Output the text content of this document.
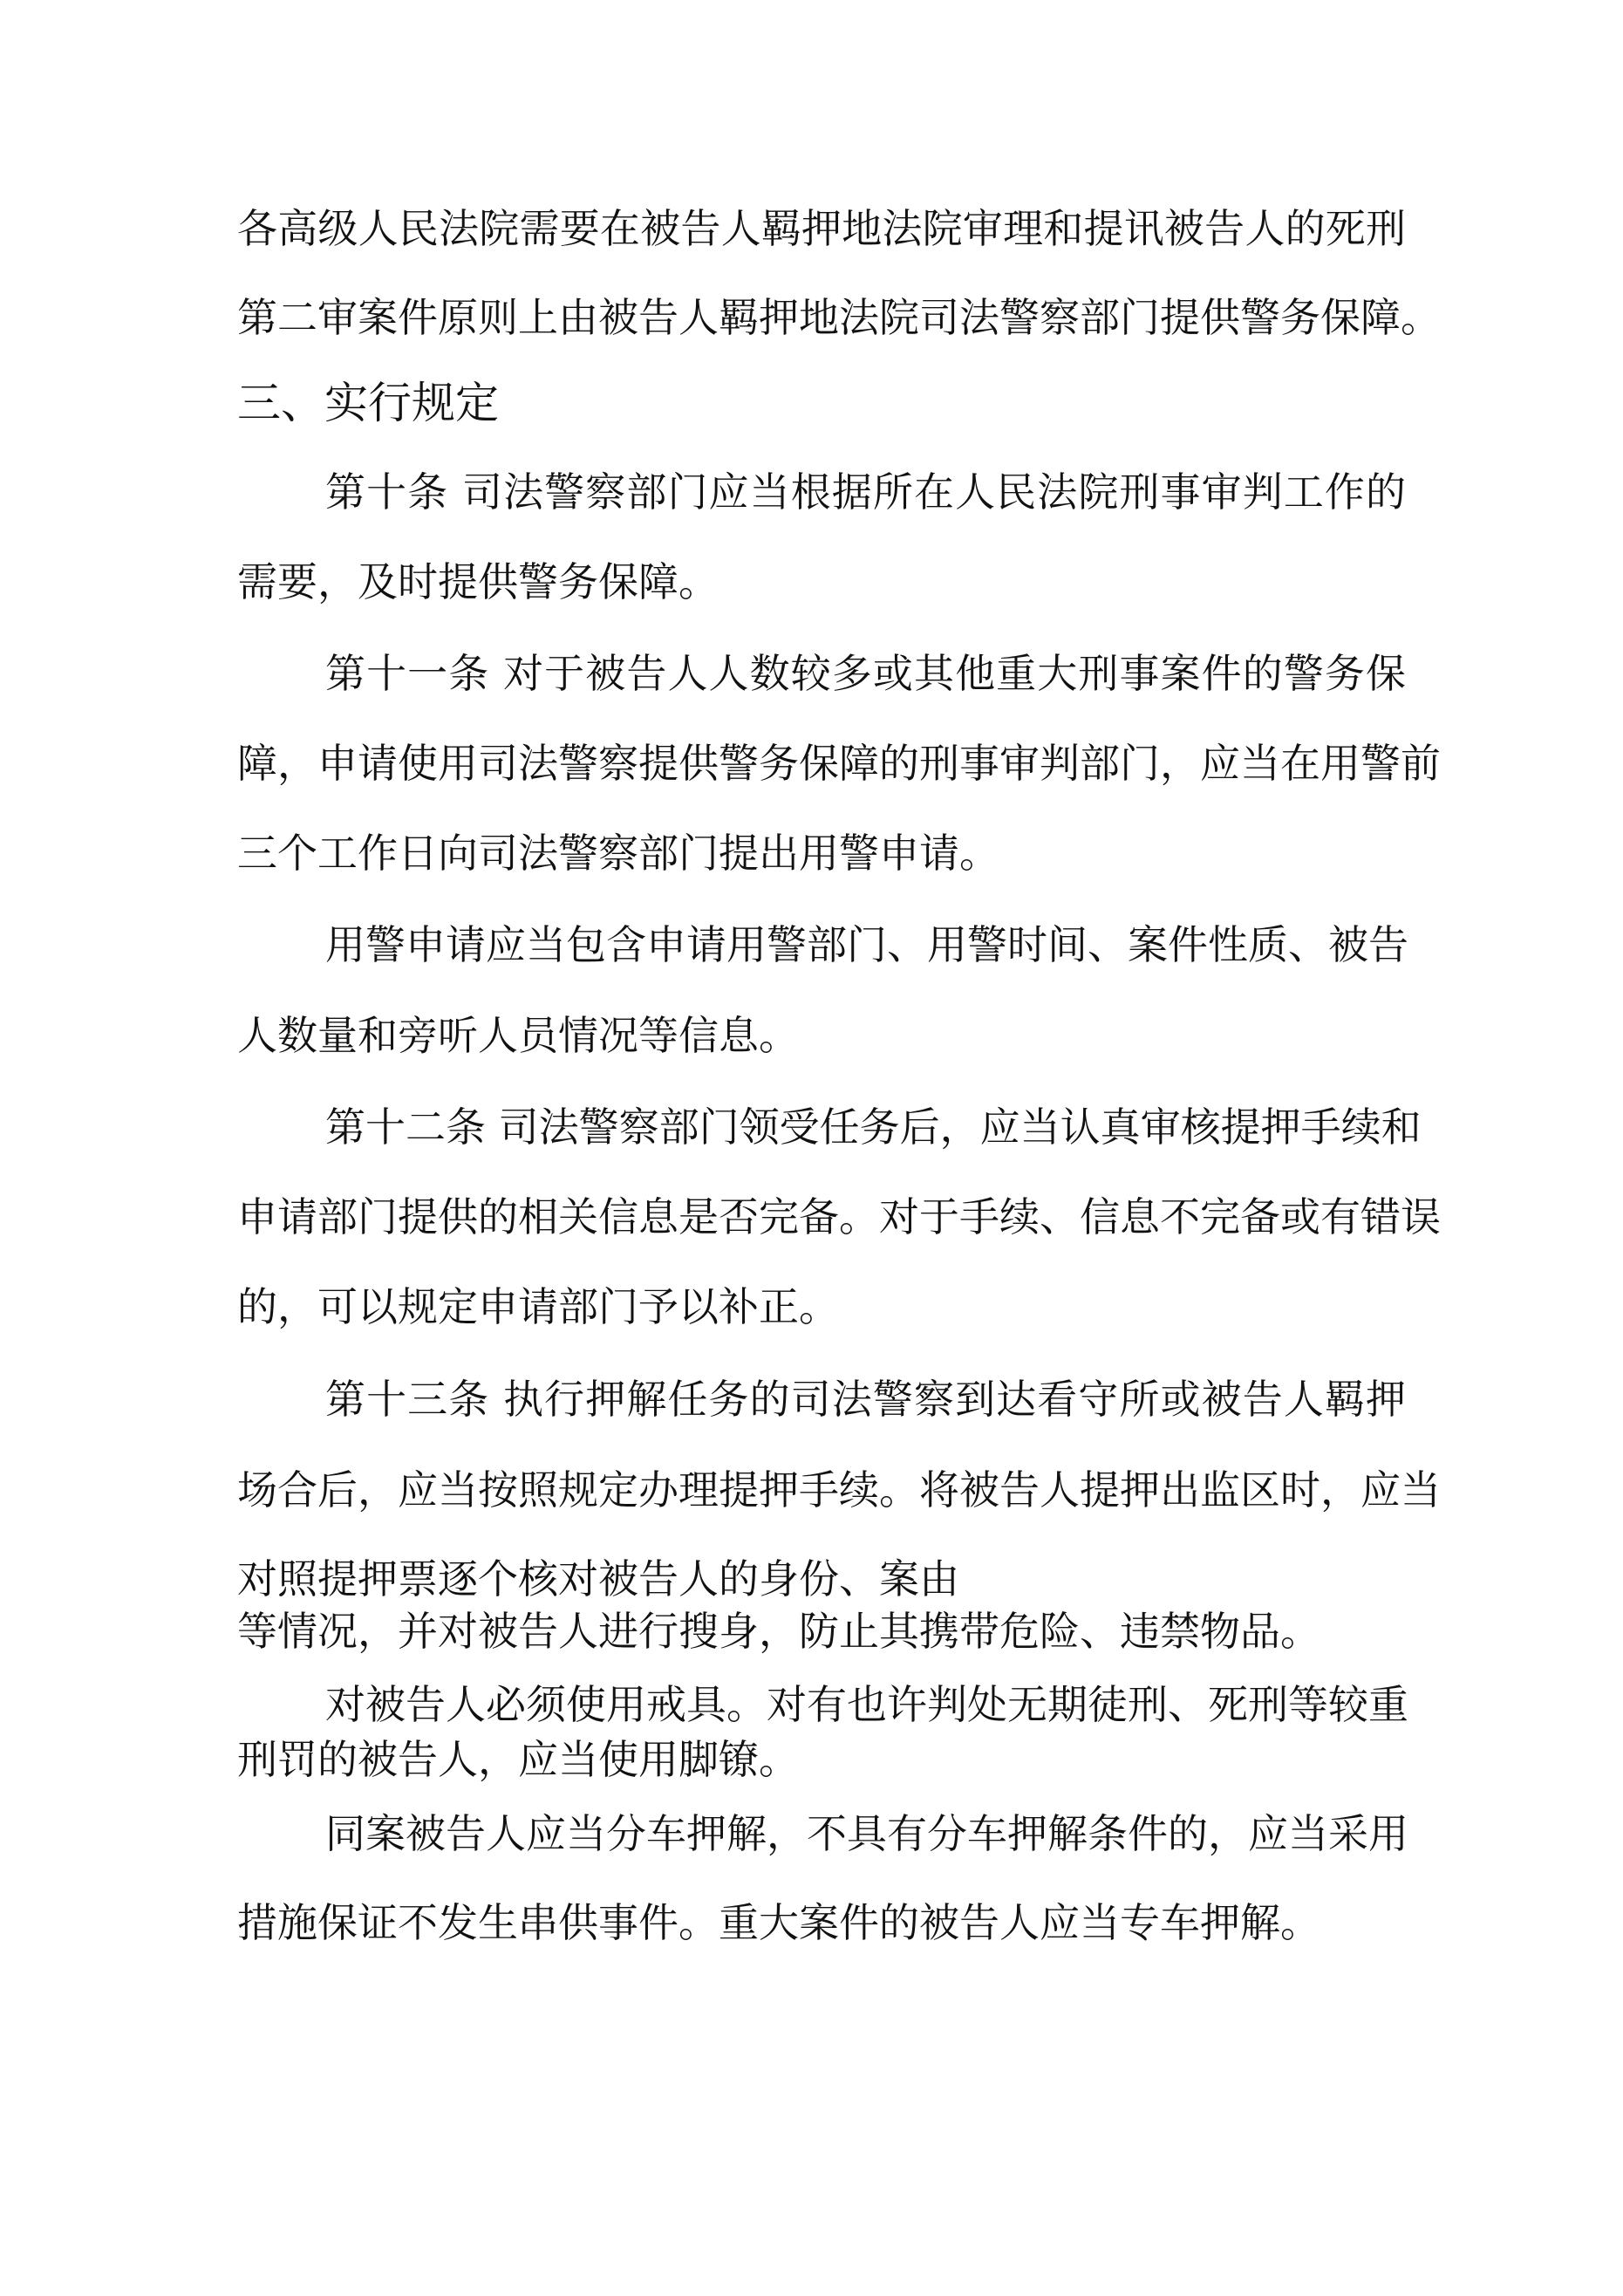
各高级人民法院需要在被告人羁押地法院审理和提讯被告人的死刑
第二审案件原则上由被告人羁押地法院司法警察部门提供警务保障。
三、实行规定
第十条 司法警察部门应当根据所在人民法院刑事审判工作的
需要，及时提供警务保障。
第十一条 对于被告人人数较多或其他重大刑事案件的警务保
障，申请使用司法警察提供警务保障的刑事审判部门，应当在用警前
三个工作日向司法警察部门提出用警申请。
用警申请应当包含申请用警部门、用警时间、案件性质、被告
人数量和旁听人员情况等信息。
第十二条 司法警察部门领受任务后，应当认真审核提押手续和
申请部门提供的相关信息是否完备。对于手续、信息不完备或有错误
的，可以规定申请部门予以补正。
第十三条 执行押解任务的司法警察到达看守所或被告人羁押
场合后，应当按照规定办理提押手续。将被告人提押出监区时，应当
对照提押票逐个核对被告人的身份、案由
等情况，并对被告人进行搜身，防止其携带危险、违禁物品。
对被告人必须使用戒具。对有也许判处无期徒刑、死刑等较重
刑罚的被告人，应当使用脚镣。
同案被告人应当分车押解，不具有分车押解条件的，应当采用
措施保证不发生串供事件。重大案件的被告人应当专车押解。
